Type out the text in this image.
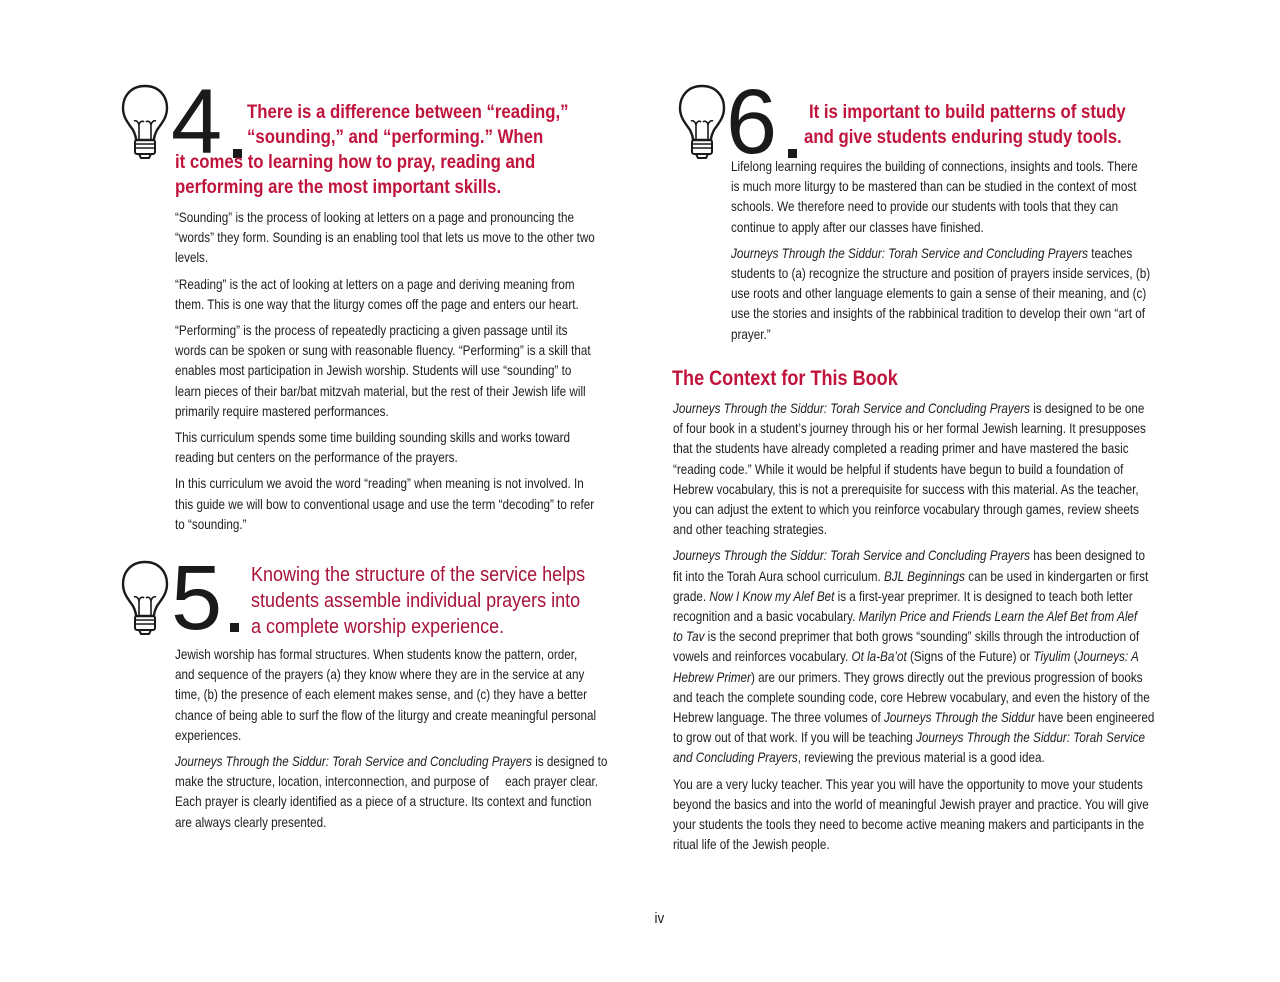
4 There is a difference between “reading,”
“sounding,” and “performing.” When
it comes to learning how to pray, reading and
performing are the most important skills.

“Sounding” is the process of looking at letters on a page and pronouncing the
“words” they form. Sounding is an enabling tool that lets us move to the other two
levels.

“Reading” is the act of looking at letters on a page and deriving meaning from
them. This is one way that the liturgy comes off the page and enters our heart.

“Performing” is the process of repeatedly practicing a given passage until its
words can be spoken or sung with reasonable fluency. “Performing” is a skill that
enables most participation in Jewish worship. Students will use “sounding” to
learn pieces of their bar/bat mitzvah material, but the rest of their Jewish life will
primarily require mastered performances.

This curriculum spends some time building sounding skills and works toward
reading but centers on the performance of the prayers.

In this curriculum we avoid the word “reading” when meaning is not involved. In
this guide we will bow to conventional usage and use the term “decoding” to refer
to “sounding.”

5 Knowing the structure of the service helps
students assemble individual prayers into
a complete worship experience.

Jewish worship has formal structures. When students know the pattern, order,
and sequence of the prayers (a) they know where they are in the service at any
time, (b) the presence of each element makes sense, and (c) they have a better
chance of being able to surf the flow of the liturgy and create meaningful personal
experiences.

Journeys Through the Siddur: Torah Service and Concluding Prayers is designed to
make the structure, location, interconnection, and purpose of     each prayer clear.
Each prayer is clearly identified as a piece of a structure. Its context and function
are always clearly presented.

6 It is important to build patterns of study
and give students enduring study tools.

Lifelong learning requires the building of connections, insights and tools. There
is much more liturgy to be mastered than can be studied in the context of most
schools. We therefore need to provide our students with tools that they can
continue to apply after our classes have finished.

Journeys Through the Siddur: Torah Service and Concluding Prayers teaches
students to (a) recognize the structure and position of prayers inside services, (b)
use roots and other language elements to gain a sense of their meaning, and (c)
use the stories and insights of the rabbinical tradition to develop their own “art of
prayer.”

The Context for This Book

Journeys Through the Siddur: Torah Service and Concluding Prayers is designed to be one
of four book in a student’s journey through his or her formal Jewish learning. It presupposes
that the students have already completed a reading primer and have mastered the basic
“reading code.” While it would be helpful if students have begun to build a foundation of
Hebrew vocabulary, this is not a prerequisite for success with this material. As the teacher,
you can adjust the extent to which you reinforce vocabulary through games, review sheets
and other teaching strategies.

Journeys Through the Siddur: Torah Service and Concluding Prayers has been designed to
fit into the Torah Aura school curriculum. BJL Beginnings can be used in kindergarten or first
grade. Now I Know my Alef Bet is a first-year preprimer. It is designed to teach both letter
recognition and a basic vocabulary. Marilyn Price and Friends Learn the Alef Bet from Alef
to Tav is the second preprimer that both grows “sounding” skills through the introduction of
vowels and reinforces vocabulary. Ot la-Ba’ot (Signs of the Future) or Tiyulim (Journeys: A
Hebrew Primer) are our primers. They grows directly out the previous progression of books
and teach the complete sounding code, core Hebrew vocabulary, and even the history of the
Hebrew language. The three volumes of Journeys Through the Siddur have been engineered
to grow out of that work. If you will be teaching Journeys Through the Siddur: Torah Service
and Concluding Prayers, reviewing the previous material is a good idea.

You are a very lucky teacher. This year you will have the opportunity to move your students
beyond the basics and into the world of meaningful Jewish prayer and practice. You will give
your students the tools they need to become active meaning makers and participants in the
ritual life of the Jewish people.

iv
